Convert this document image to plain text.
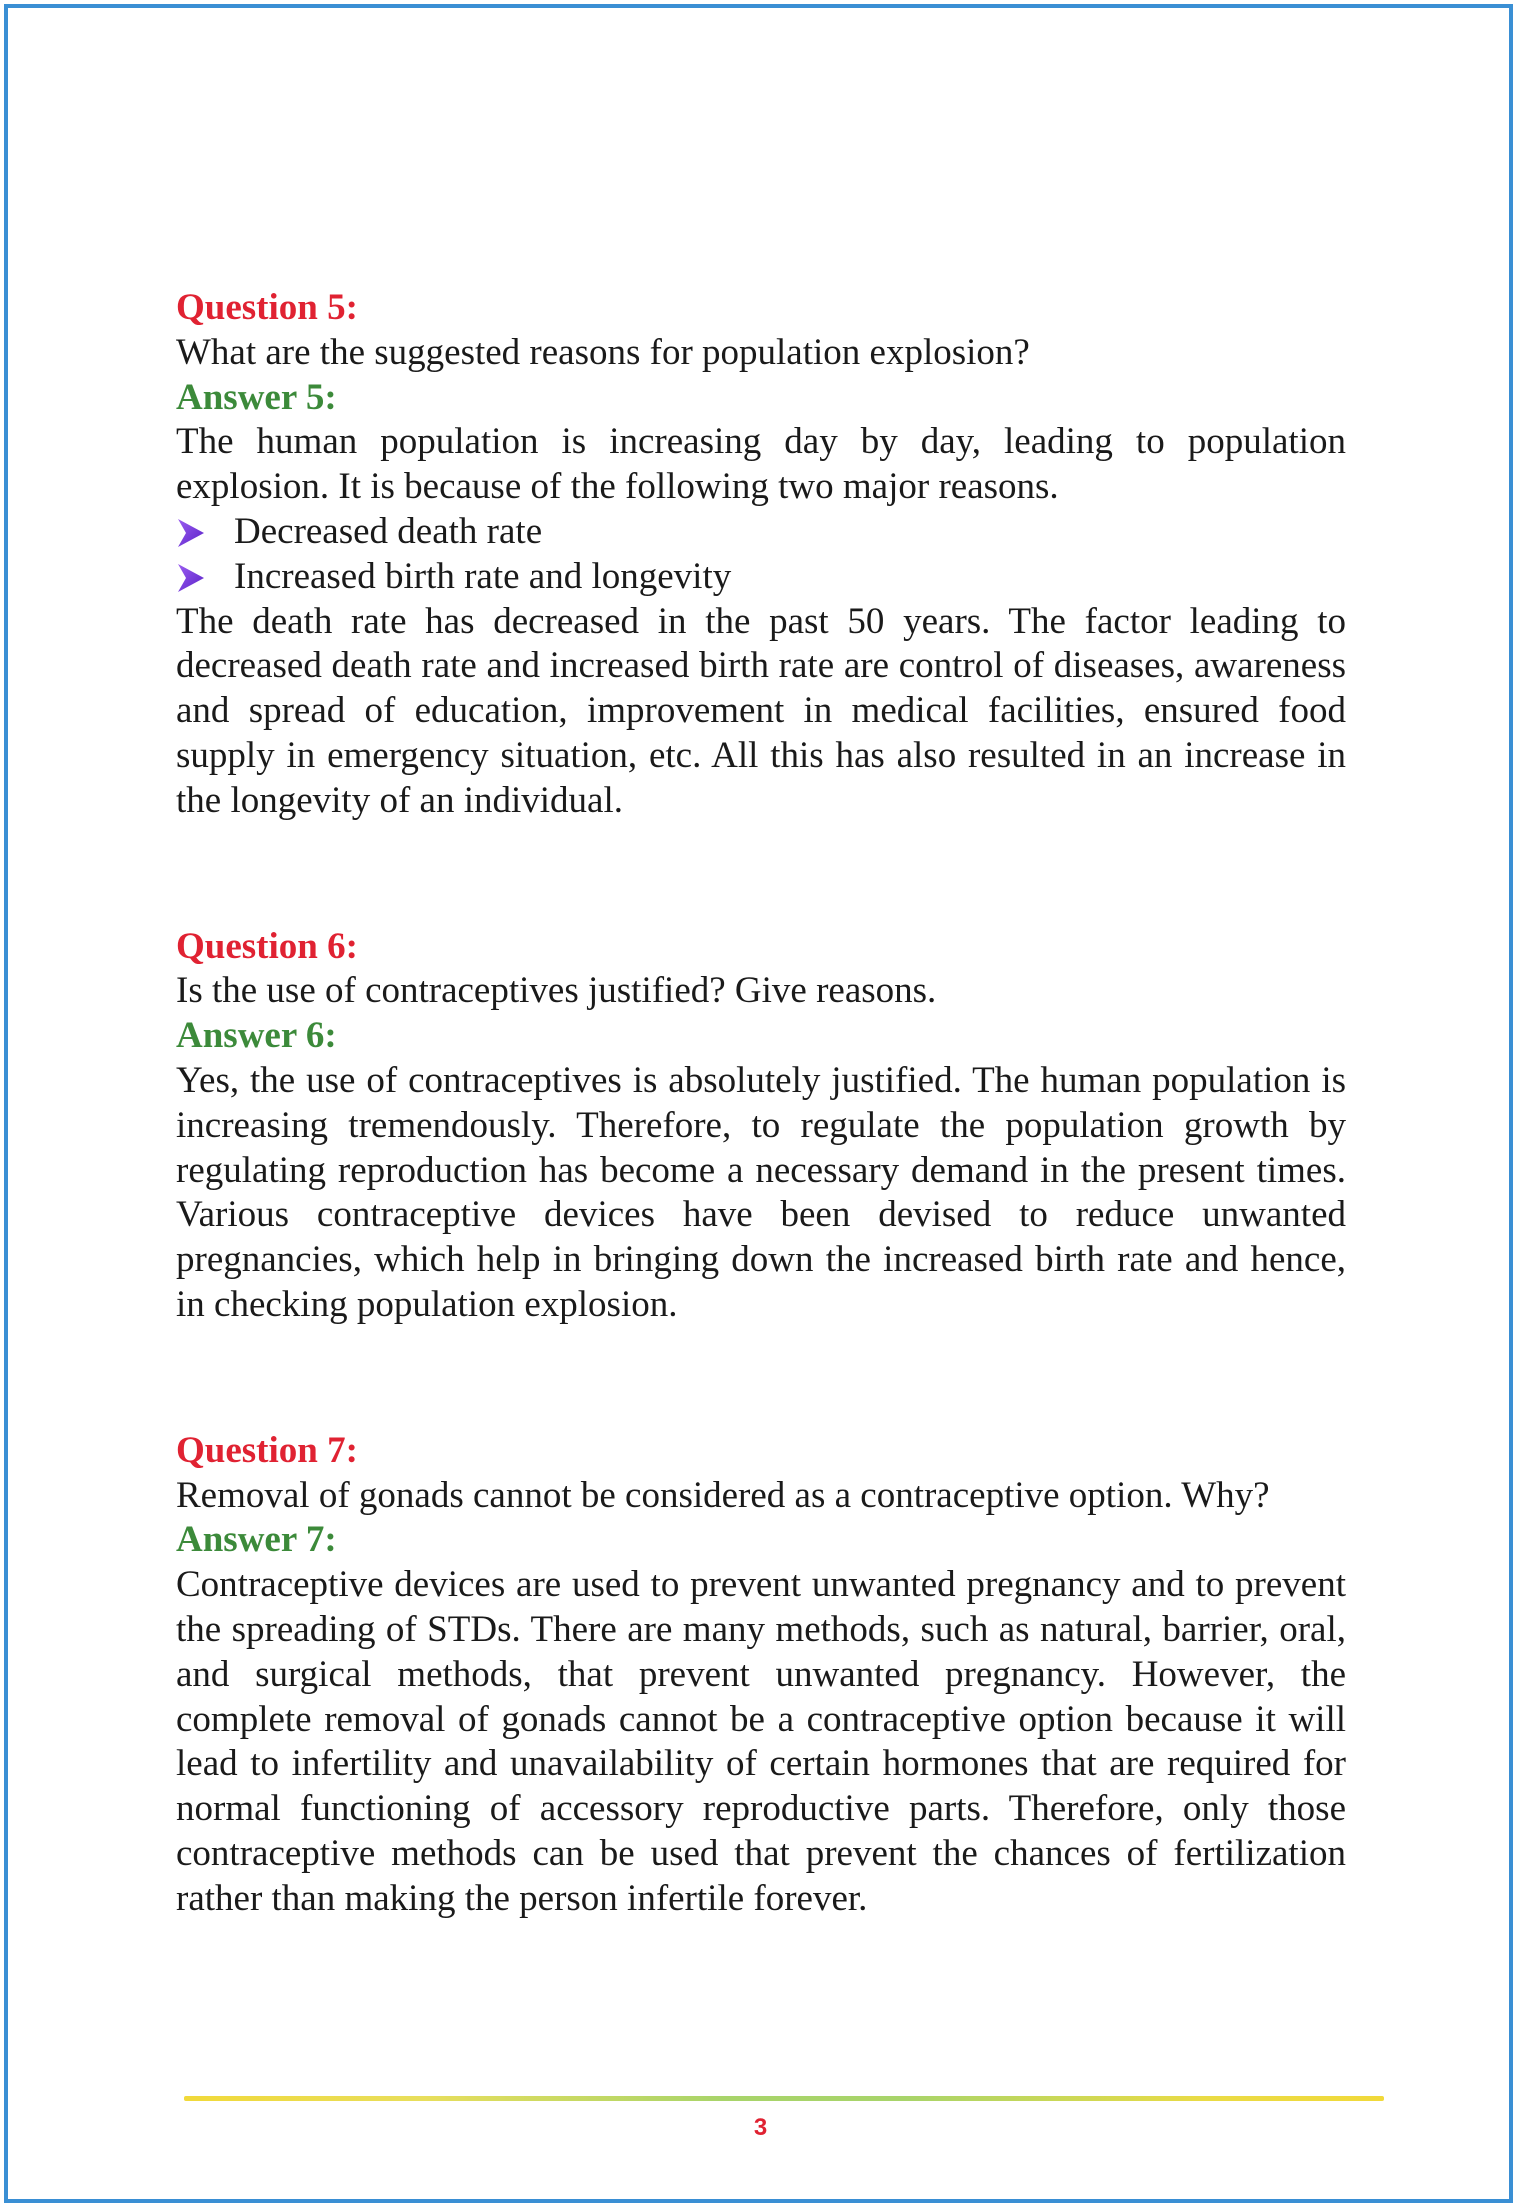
Question 5:
What are the suggested reasons for population explosion?
Answer 5:
The human population is increasing day by day, leading to population explosion. It is because of the following two major reasons.
Decreased death rate
Increased birth rate and longevity
The death rate has decreased in the past 50 years. The factor leading to decreased death rate and increased birth rate are control of diseases, awareness and spread of education, improvement in medical facilities, ensured food supply in emergency situation, etc. All this has also resulted in an increase in the longevity of an individual.
Question 6:
Is the use of contraceptives justified? Give reasons.
Answer 6:
Yes, the use of contraceptives is absolutely justified. The human population is increasing tremendously. Therefore, to regulate the population growth by regulating reproduction has become a necessary demand in the present times. Various contraceptive devices have been devised to reduce unwanted pregnancies, which help in bringing down the increased birth rate and hence, in checking population explosion.
Question 7:
Removal of gonads cannot be considered as a contraceptive option. Why?
Answer 7:
Contraceptive devices are used to prevent unwanted pregnancy and to prevent the spreading of STDs. There are many methods, such as natural, barrier, oral, and surgical methods, that prevent unwanted pregnancy. However, the complete removal of gonads cannot be a contraceptive option because it will lead to infertility and unavailability of certain hormones that are required for normal functioning of accessory reproductive parts. Therefore, only those contraceptive methods can be used that prevent the chances of fertilization rather than making the person infertile forever.
3
